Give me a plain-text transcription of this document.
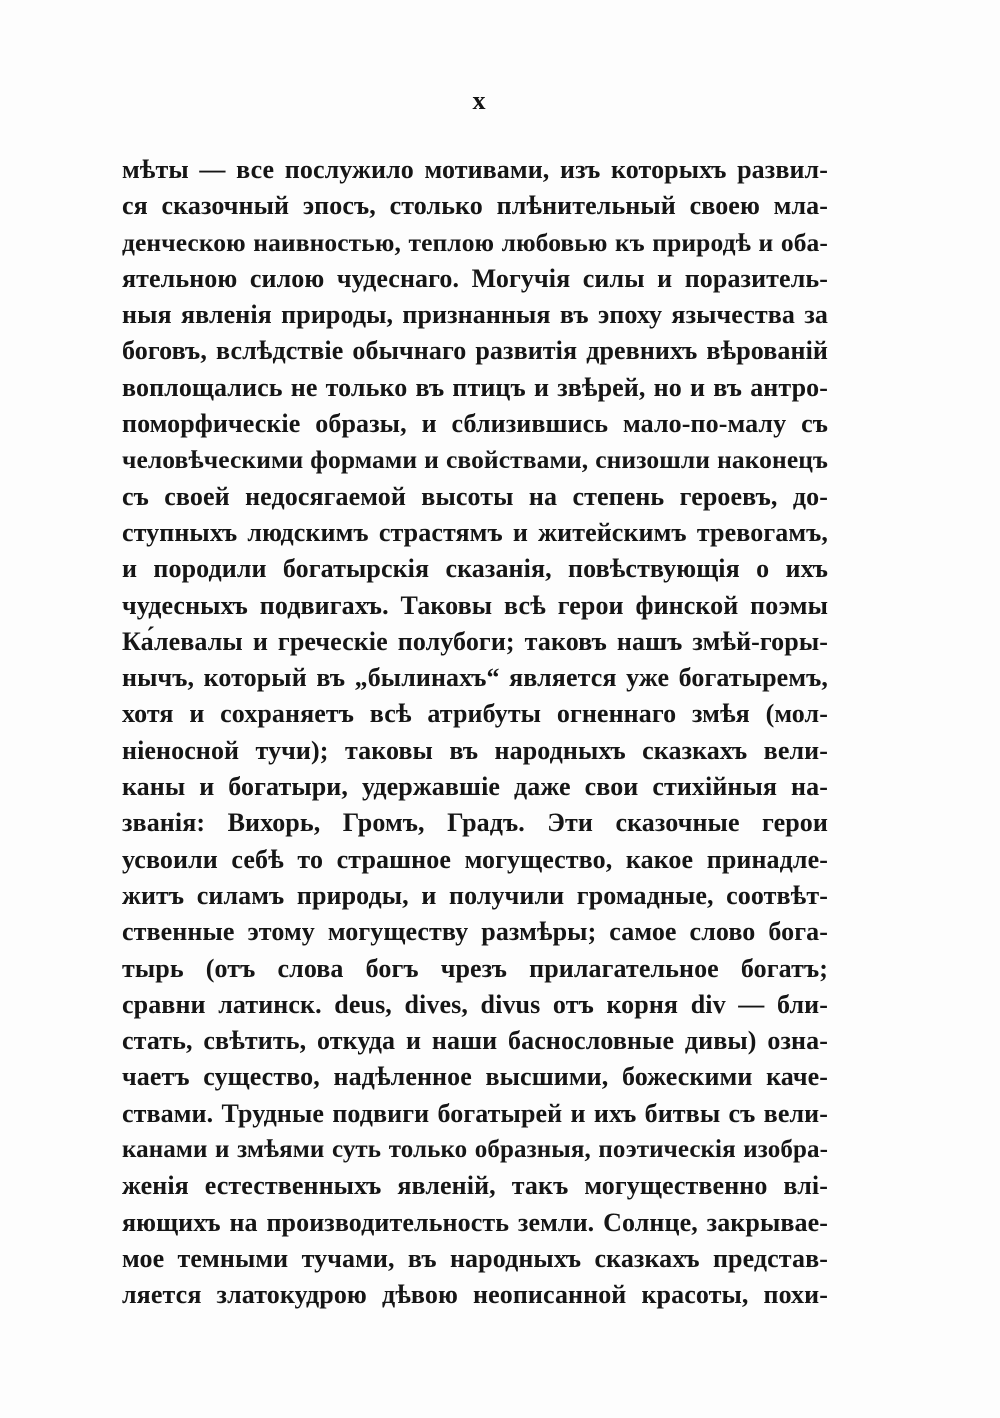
x
мѣты — все послужило мотивами, изъ которыхъ развил-
ся сказочный эпосъ, столько плѣнительный своею мла-
денческою наивностью, теплою любовью къ природѣ и оба-
ятельною силою чудеснаго. Могучія силы и поразитель-
ныя явленія природы, признанныя въ эпоху язычества за
боговъ, вслѣдствіе обычнаго развитія древнихъ вѣрованій
воплощались не только въ птицъ и звѣрей, но и въ антро-
поморфическіе образы, и сблизившись мало-по-малу съ
человѣческими формами и свойствами, снизошли наконецъ
съ своей недосягаемой высоты на степень героевъ, до-
ступныхъ людскимъ страстямъ и житейскимъ тревогамъ,
и породили богатырскія сказанія, повѣствующія о ихъ
чудесныхъ подвигахъ. Таковы всѣ герои финской поэмы
Ка́левалы и греческіе полубоги; таковъ нашъ змѣй-горы-
нычъ, который въ „былинахъ“ является уже богатыремъ,
хотя и сохраняетъ всѣ атрибуты огненнаго змѣя (мол-
ніеносной тучи); таковы въ народныхъ сказкахъ вели-
каны и богатыри, удержавшіе даже свои стихійныя на-
званія: Вихорь, Громъ, Градъ. Эти сказочные герои
усвоили себѣ то страшное могущество, какое принадле-
житъ силамъ природы, и получили громадные, соотвѣт-
ственные этому могуществу размѣры; самое слово бога-
тырь (отъ слова богъ чрезъ прилагательное богатъ;
сравни латинск. deus, dives, divus отъ корня div — бли-
стать, свѣтить, откуда и наши баснословные дивы) озна-
чаетъ существо, надѣленное высшими, божескими каче-
ствами. Трудные подвиги богатырей и ихъ битвы съ вели-
канами и змѣями суть только образныя, поэтическія изобра-
женія естественныхъ явленій, такъ могущественно влі-
яющихъ на производительность земли. Солнце, закрывае-
мое темными тучами, въ народныхъ сказкахъ представ-
ляется златокудрою дѣвою неописанной красоты, похи-
